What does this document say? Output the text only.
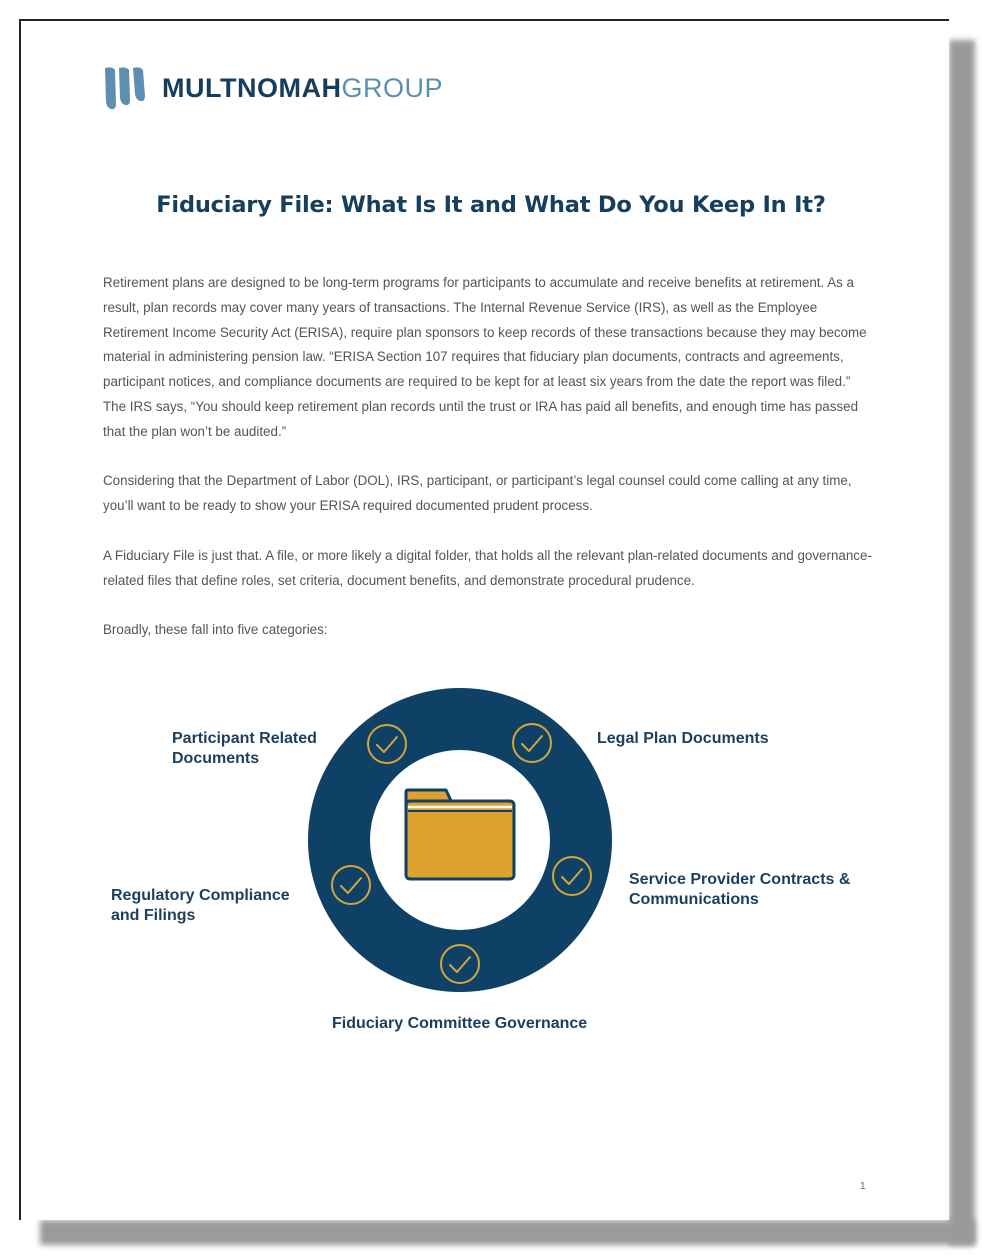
MULTNOMAHGROUP
Fiduciary File: What Is It and What Do You Keep In It?

Retirement plans are designed to be long-term programs for participants to accumulate and receive benefits at retirement. As a result, plan records may cover many years of transactions. The Internal Revenue Service (IRS), as well as the Employee Retirement Income Security Act (ERISA), require plan sponsors to keep records of these transactions because they may become material in administering pension law. “ERISA Section 107 requires that fiduciary plan documents, contracts and agreements, participant notices, and compliance documents are required to be kept for at least six years from the date the report was filed.” The IRS says, “You should keep retirement plan records until the trust or IRA has paid all benefits, and enough time has passed that the plan won’t be audited.”

Considering that the Department of Labor (DOL), IRS, participant, or participant’s legal counsel could come calling at any time, you’ll want to be ready to show your ERISA required documented prudent process.

A Fiduciary File is just that. A file, or more likely a digital folder, that holds all the relevant plan-related documents and governance-related files that define roles, set criteria, document benefits, and demonstrate procedural prudence.

Broadly, these fall into five categories:

Participant Related
Documents
Legal Plan Documents
Service Provider Contracts &
Communications
Fiduciary Committee Governance
Regulatory Compliance
and Filings
1
